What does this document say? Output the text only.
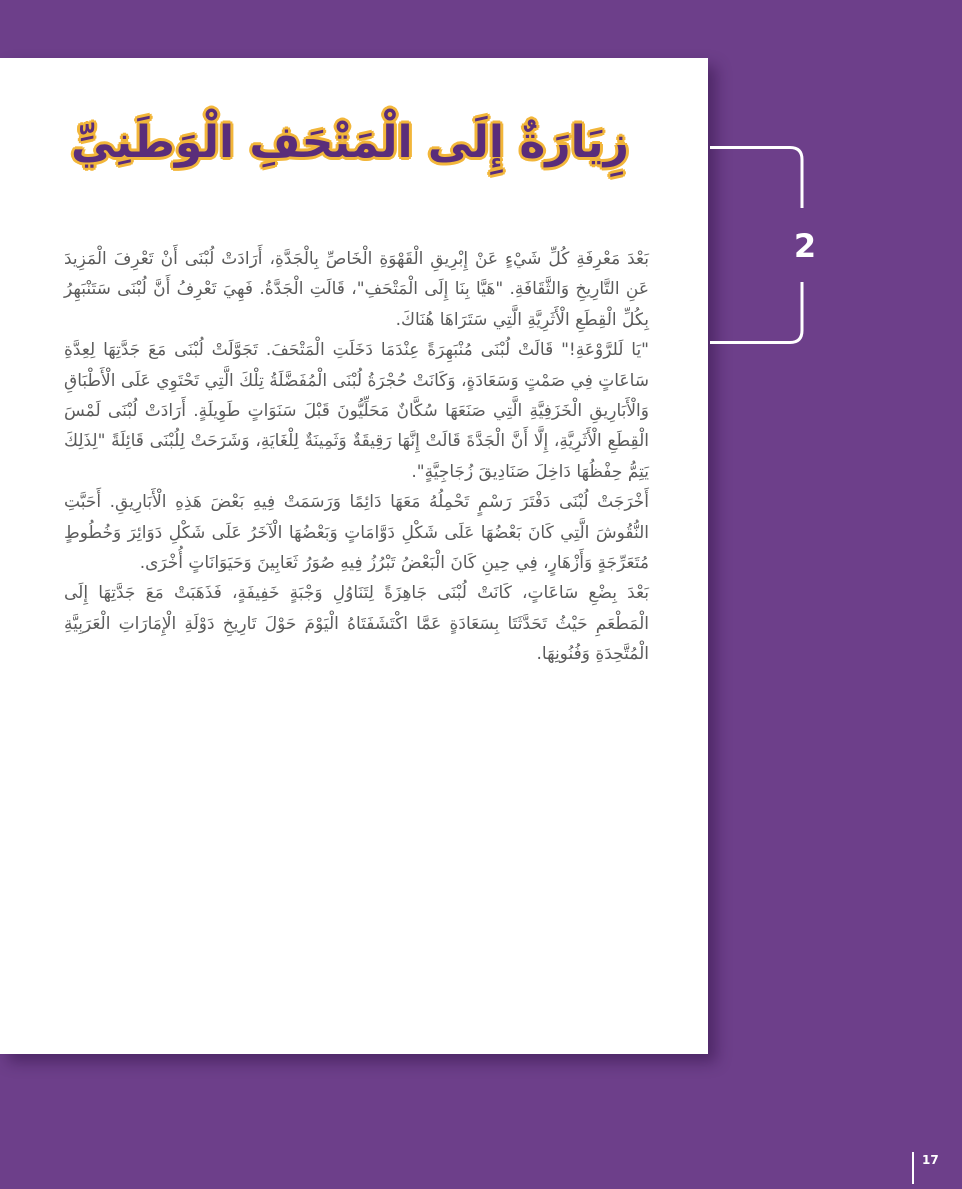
زِيَارَةٌ إِلَى الْمَتْحَفِ الْوَطَنِيِّ

بَعْدَ مَعْرِفَةِ كُلِّ شَيْءٍ عَنْ إِبْرِيقِ الْقَهْوَةِ الْخَاصِّ بِالْجَدَّةِ، أَرَادَتْ لُبْنَى أَنْ تَعْرِفَ الْمَزِيدَ عَنِ التَّارِيخِ وَالثَّقَافَةِ. "هَيَّا بِنَا إِلَى الْمَتْحَفِ"، قَالَتِ الْجَدَّةُ. فَهِيَ تَعْرِفُ أَنَّ لُبْنَى سَتَنْبَهِرُ بِكُلِّ الْقِطَعِ الْأَثَرِيَّةِ الَّتِي سَتَرَاهَا هُنَاكَ.

"يَا لَلرَّوْعَةِ!" قَالَتْ لُبْنَى مُنْبَهِرَةً عِنْدَمَا دَخَلَتِ الْمَتْحَفَ. تَجَوَّلَتْ لُبْنَى مَعَ جَدَّتِهَا لِعِدَّةِ سَاعَاتٍ فِي صَمْتٍ وَسَعَادَةٍ، وَكَانَتْ حُجْرَةُ لُبْنَى الْمُفَضَّلَةُ تِلْكَ الَّتِي تَحْتَوِي عَلَى الْأَطْبَاقِ وَالْأَبَارِيقِ الْخَزَفِيَّةِ الَّتِي صَنَعَهَا سُكَّانٌ مَحَلِّيُّونَ قَبْلَ سَنَوَاتٍ طَوِيلَةٍ. أَرَادَتْ لُبْنَى لَمْسَ الْقِطَعِ الْأَثَرِيَّةِ، إِلَّا أَنَّ الْجَدَّةَ قَالَتْ إِنَّهَا رَقِيقَةٌ وَثَمِينَةٌ لِلْغَايَةِ، وَشَرَحَتْ لِلُبْنَى قَائِلَةً "لِذَلِكَ يَتِمُّ حِفْظُهَا دَاخِلَ صَنَادِيقَ زُجَاجِيَّةٍ".

أَخْرَجَتْ لُبْنَى دَفْتَرَ رَسْمٍ تَحْمِلُهُ مَعَهَا دَائِمًا وَرَسَمَتْ فِيهِ بَعْضَ هَذِهِ الْأَبَارِيقِ. أَحَبَّتِ النُّقُوشَ الَّتِي كَانَ بَعْضُهَا عَلَى شَكْلِ دَوَّامَاتٍ وَبَعْضُهَا الْآخَرُ عَلَى شَكْلِ دَوَائِرَ وَخُطُوطٍ مُتَعَرِّجَةٍ وَأَزْهَارٍ، فِي حِينِ كَانَ الْبَعْضُ تَبْرُزُ فِيهِ صُوَرُ ثَعَابِينَ وَحَيَوَانَاتٍ أُخْرَى.

بَعْدَ بِضْعِ سَاعَاتٍ، كَانَتْ لُبْنَى جَاهِزَةً لِتَنَاوُلِ وَجْبَةٍ خَفِيفَةٍ، فَذَهَبَتْ مَعَ جَدَّتِهَا إِلَى الْمَطْعَمِ حَيْثُ تَحَدَّثَتَا بِسَعَادَةٍ عَمَّا اكْتَشَفَتَاهُ الْيَوْمَ حَوْلَ تَارِيخِ دَوْلَةِ الْإِمَارَاتِ الْعَرَبِيَّةِ الْمُتَّحِدَةِ وَفُنُونِهَا.

2
17
